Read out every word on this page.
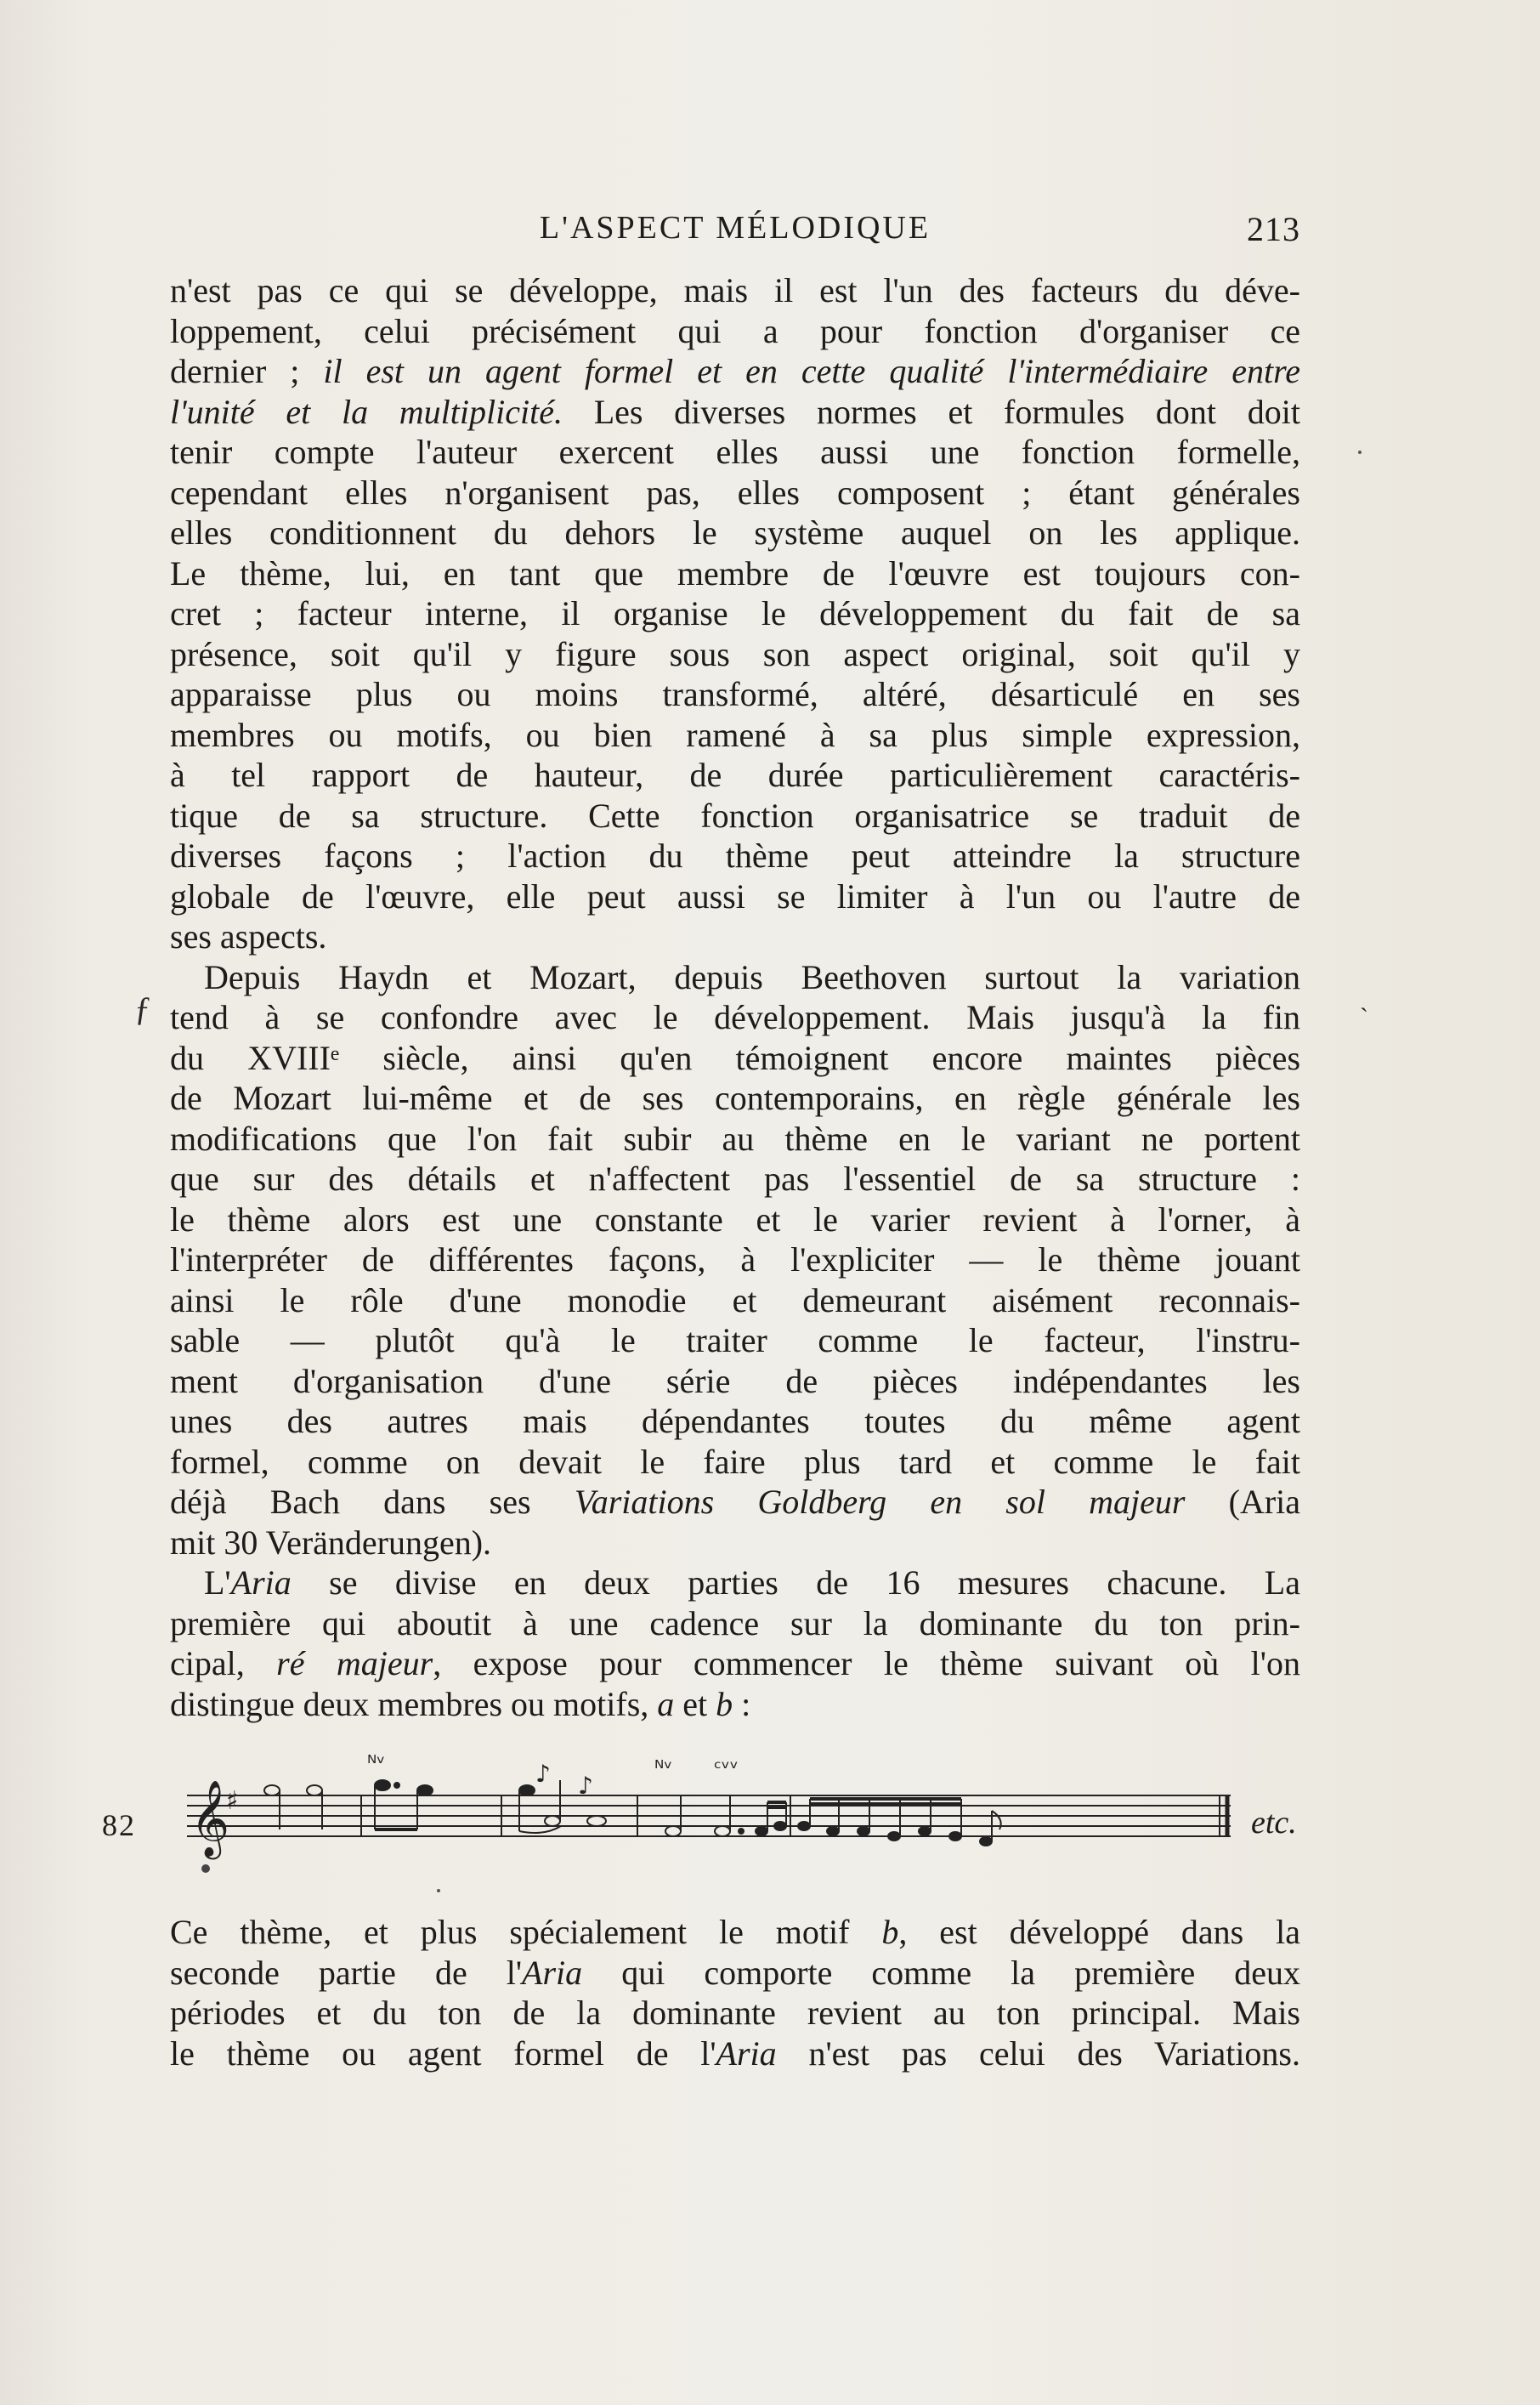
L'ASPECT MÉLODIQUE	213
ƒ	ˋ
n'est pas ce qui se développe, mais il est l'un des facteurs du déve-
loppement, celui précisément qui a pour fonction d'organiser ce
dernier ; il est un agent formel et en cette qualité l'intermédiaire entre
l'unité et la multiplicité. Les diverses normes et formules dont doit
tenir compte l'auteur exercent elles aussi une fonction formelle,
cependant elles n'organisent pas, elles composent ; étant générales
elles conditionnent du dehors le système auquel on les applique.
Le thème, lui, en tant que membre de l'œuvre est toujours con-
cret ; facteur interne, il organise le développement du fait de sa
présence, soit qu'il y figure sous son aspect original, soit qu'il y
apparaisse plus ou moins transformé, altéré, désarticulé en ses
membres ou motifs, ou bien ramené à sa plus simple expression,
à tel rapport de hauteur, de durée particulièrement caractéris-
tique de sa structure. Cette fonction organisatrice se traduit de
diverses façons ; l'action du thème peut atteindre la structure
globale de l'œuvre, elle peut aussi se limiter à l'un ou l'autre de
ses aspects.
Depuis Haydn et Mozart, depuis Beethoven surtout la variation
tend à se confondre avec le développement. Mais jusqu'à la fin
du XVIIIᵉ siècle, ainsi qu'en témoignent encore maintes pièces
de Mozart lui-même et de ses contemporains, en règle générale les
modifications que l'on fait subir au thème en le variant ne portent
que sur des détails et n'affectent pas l'essentiel de sa structure :
le thème alors est une constante et le varier revient à l'orner, à
l'interpréter de différentes façons, à l'expliciter — le thème jouant
ainsi le rôle d'une monodie et demeurant aisément reconnais-
sable — plutôt qu'à le traiter comme le facteur, l'instru-
ment d'organisation d'une série de pièces indépendantes les
unes des autres mais dépendantes toutes du même agent
formel, comme on devait le faire plus tard et comme le fait
déjà Bach dans ses Variations Goldberg en sol majeur (Aria
mit 30 Veränderungen).
L'Aria se divise en deux parties de 16 mesures chacune. La
première qui aboutit à une cadence sur la dominante du ton prin-
cipal, ré majeur, expose pour commencer le thème suivant où l'on
distingue deux membres ou motifs, a et b :
82 𝄞
♯
ᴺᵛ	♪ ♪
ᴺᵛ ᶜᵛᵛ
etc.
Ce thème, et plus spécialement le motif b, est développé dans la
seconde partie de l'Aria qui comporte comme la première deux
périodes et du ton de la dominante revient au ton principal. Mais
le thème ou agent formel de l'Aria n'est pas celui des Variations.
